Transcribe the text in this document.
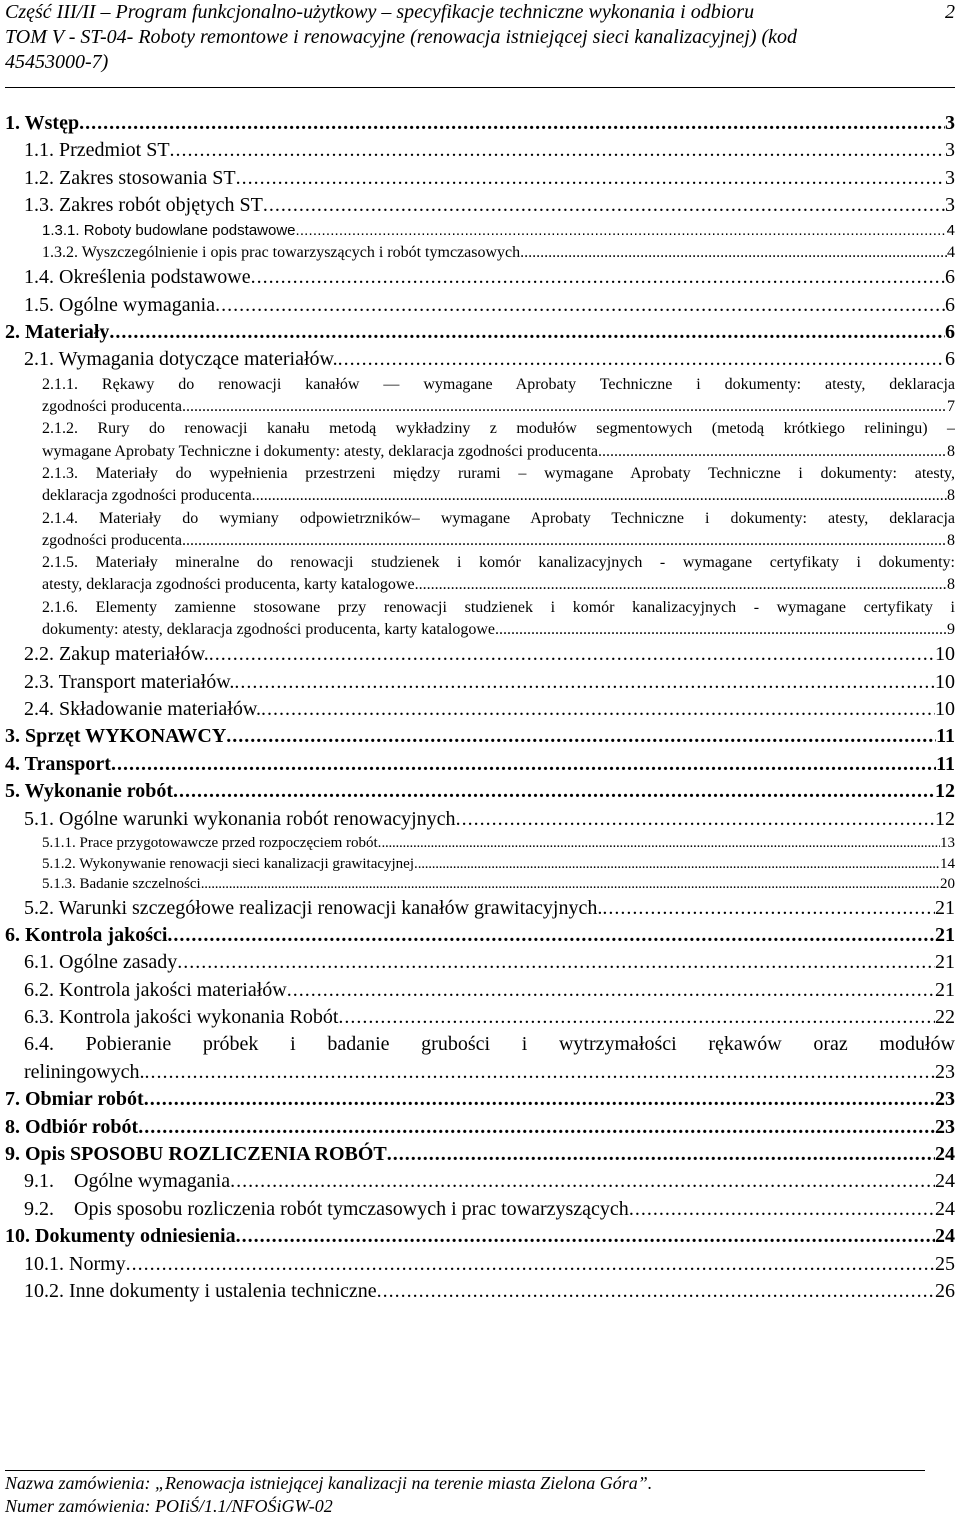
Część III/II – Program funkcjonalno-użytkowy – specyfikacje techniczne wykonania i odbioru
TOM V - ST-04- Roboty remontowe i renowacyjne (renowacja istniejącej sieci kanalizacyjnej) (kod
45453000-7)
2
1. Wstęp . . .	3
1.1. Przedmiot ST . . .	3
1.2. Zakres stosowania ST . . .	3
1.3. Zakres robót objętych ST . . .	3
1.3.1. Roboty budowlane podstawowe . . .	4
1.3.2. Wyszczególnienie i opis prac towarzyszących i robót tymczasowych . . .	4
1.4. Określenia podstawowe . . .	6
1.5. Ogólne wymagania . . .	6
2. Materiały . . .	6
2.1. Wymagania dotyczące materiałów. . . .	6
2.1.1. Rękawy do renowacji kanałów — wymagane Aprobaty Techniczne i dokumenty: atesty, deklaracja
zgodności producenta. . . .	7
2.1.2. Rury do renowacji kanału metodą wykładziny z modułów segmentowych (metodą krótkiego reliningu) –
wymagane Aprobaty Techniczne i dokumenty: atesty, deklaracja zgodności producenta. . . .	8
2.1.3. Materiały do wypełnienia przestrzeni między rurami – wymagane Aprobaty Techniczne i dokumenty: atesty,
deklaracja zgodności producenta. . . .	8
2.1.4. Materiały do wymiany odpowietrzników– wymagane Aprobaty Techniczne i dokumenty: atesty, deklaracja
zgodności producenta. . . .	8
2.1.5. Materiały mineralne do renowacji studzienek i komór kanalizacyjnych - wymagane certyfikaty i dokumenty:
atesty, deklaracja zgodności producenta, karty katalogowe. . . .	8
2.1.6. Elementy zamienne stosowane przy renowacji studzienek i komór kanalizacyjnych - wymagane certyfikaty i
dokumenty: atesty, deklaracja zgodności producenta, karty katalogowe. . . .	9
2.2. Zakup materiałów. . . .	10
2.3. Transport materiałów. . . .	10
2.4. Składowanie materiałów. . . .	10
3. Sprzęt WYKONAWCY . . .	11
4. Transport . . .	11
5. Wykonanie robót . . .	12
5.1. Ogólne warunki wykonania robót renowacyjnych . . .	12
5.1.1. Prace przygotowawcze przed rozpoczęciem robót. . . .	13
5.1.2. Wykonywanie renowacji sieci kanalizacji grawitacyjnej. . . .	14
5.1.3. Badanie szczelności . . .	20
5.2. Warunki szczegółowe realizacji renowacji kanałów grawitacyjnych. . . .	21
6. Kontrola jakości . . .	21
6.1. Ogólne zasady . . .	21
6.2. Kontrola jakości materiałów . . .	21
6.3. Kontrola jakości wykonania Robót . . .	22
6.4. Pobieranie próbek i badanie grubości i wytrzymałości rękawów oraz modułów
reliningowych. . . .	23
7. Obmiar robót . . .	23
8. Odbiór robót . . .	23
9. Opis SPOSOBU ROZLICZENIA ROBÓT . . .	24
9.1.    Ogólne wymagania . . .	24
9.2.    Opis sposobu rozliczenia robót tymczasowych i prac towarzyszących . . .	24
10. Dokumenty odniesienia . . .	24
10.1. Normy . . .	25
10.2. Inne dokumenty i ustalenia techniczne . . .	26
Nazwa zamówienia: „Renowacja istniejącej kanalizacji na terenie miasta Zielona Góra”.
Numer zamówienia: POIiŚ/1.1/NFOŚiGW-02
